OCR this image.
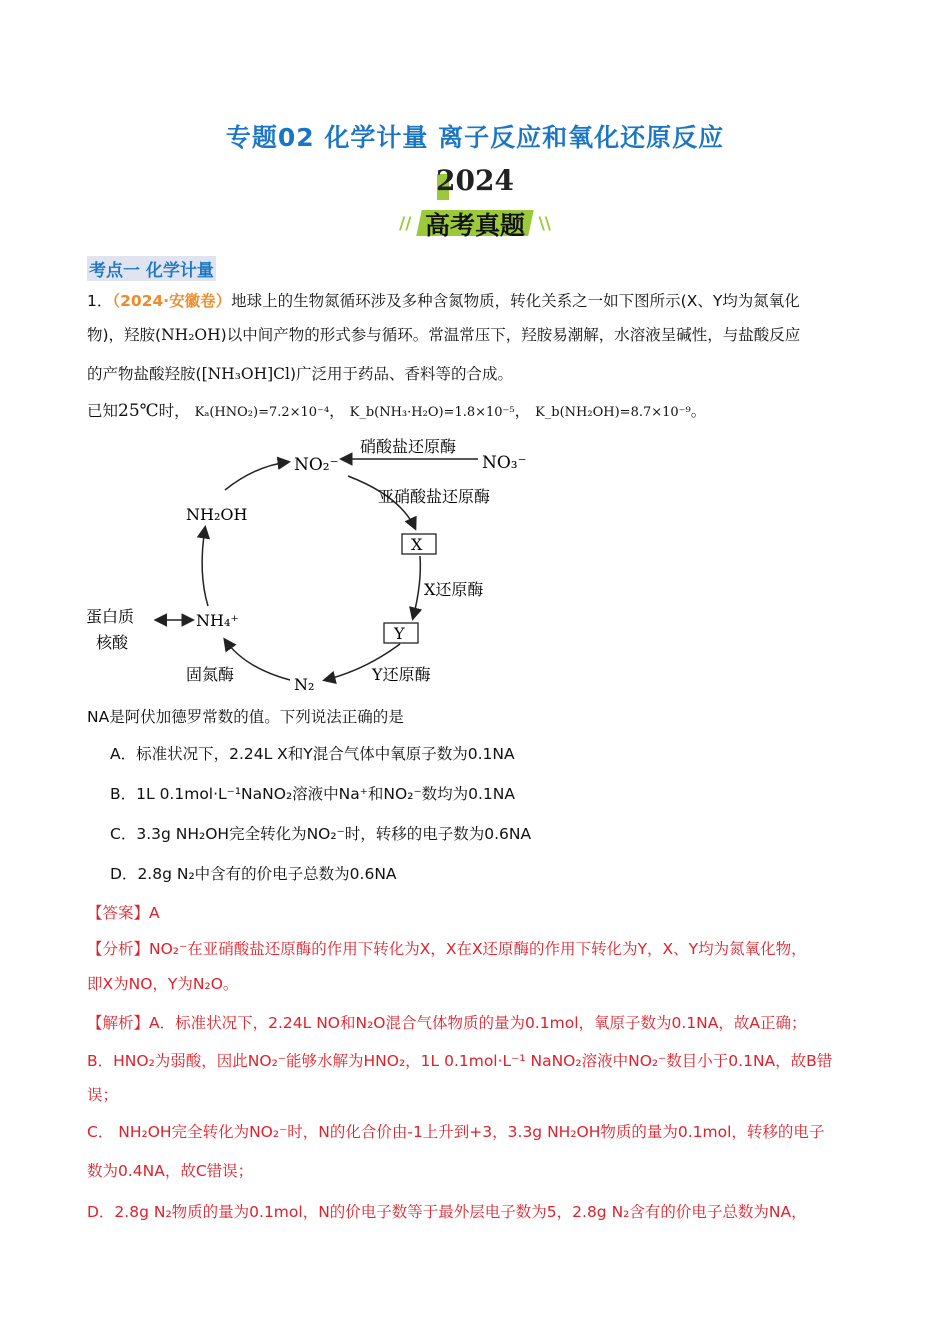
专题02 化学计量 离子反应和氧化还原反应
2024
// 高考真题 \\
考点一 化学计量
1．（2024·安徽卷）地球上的生物氮循环涉及多种含氮物质，转化关系之一如下图所示(X、Y均为氮氧化
物)，羟胺(NH₂OH)以中间产物的形式参与循环。常温常压下，羟胺易潮解，水溶液呈碱性，与盐酸反应
的产物盐酸羟胺([NH₃OH]Cl)广泛用于药品、香料等的合成。
已知25℃时， Kₐ(HNO₂)=7.2×10⁻⁴， K_b(NH₃·H₂O)=1.8×10⁻⁵， K_b(NH₂OH)=8.7×10⁻⁹。
NO₂⁻	NO₃⁻
硝酸盐还原酶
亚硝酸盐还原酶
X
X还原酶
Y
Y还原酶
N₂
固氮酶
NH₄⁺
NH₂OH
蛋白质
核酸
NA是阿伏加德罗常数的值。下列说法正确的是
A．标准状况下，2.24L X和Y混合气体中氧原子数为0.1NA
B．1L 0.1mol·L⁻¹NaNO₂溶液中Na⁺和NO₂⁻数均为0.1NA
C．3.3g NH₂OH完全转化为NO₂⁻时，转移的电子数为0.6NA
D．2.8g N₂中含有的价电子总数为0.6NA
【答案】A
【分析】NO₂⁻在亚硝酸盐还原酶的作用下转化为X，X在X还原酶的作用下转化为Y，X、Y均为氮氧化物，
即X为NO，Y为N₂O。
【解析】A．标准状况下，2.24L NO和N₂O混合气体物质的量为0.1mol，氧原子数为0.1NA，故A正确；
B．HNO₂为弱酸，因此NO₂⁻能够水解为HNO₂，1L 0.1mol·L⁻¹ NaNO₂溶液中NO₂⁻数目小于0.1NA，故B错
误；
C． NH₂OH完全转化为NO₂⁻时，N的化合价由-1上升到+3，3.3g NH₂OH物质的量为0.1mol，转移的电子
数为0.4NA，故C错误；
D．2.8g N₂物质的量为0.1mol，N的价电子数等于最外层电子数为5，2.8g N₂含有的价电子总数为NA，
